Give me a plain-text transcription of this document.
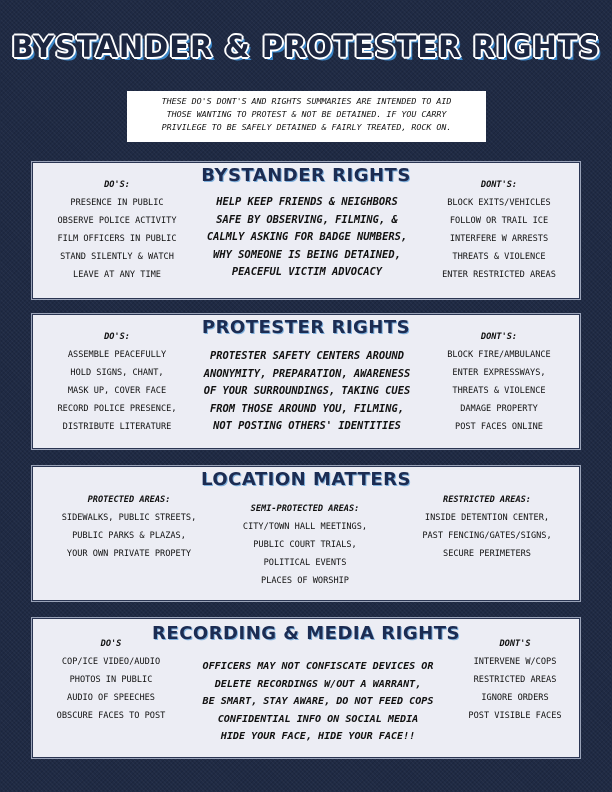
BYSTANDER & PROTESTER RIGHTS
THESE DO'S DONT'S AND RIGHTS SUMMARIES ARE INTENDED TO AID
THOSE WANTING TO PROTEST & NOT BE DETAINED. IF YOU CARRY
PRIVILEGE TO BE SAFELY DETAINED & FAIRLY TREATED, ROCK ON.
BYSTANDER RIGHTS
DO'S:
PRESENCE IN PUBLIC
OBSERVE POLICE ACTIVITY
FILM OFFICERS IN PUBLIC
STAND SILENTLY & WATCH
LEAVE AT ANY TIME
HELP KEEP FRIENDS & NEIGHBORS
SAFE BY OBSERVING, FILMING, &
CALMLY ASKING FOR BADGE NUMBERS,
WHY SOMEONE IS BEING DETAINED,
PEACEFUL VICTIM ADVOCACY
DONT'S:
BLOCK EXITS/VEHICLES
FOLLOW OR TRAIL ICE
INTERFERE W ARRESTS
THREATS & VIOLENCE
ENTER RESTRICTED AREAS
PROTESTER RIGHTS
DO'S:
ASSEMBLE PEACEFULLY
HOLD SIGNS, CHANT,
MASK UP, COVER FACE
RECORD POLICE PRESENCE,
DISTRIBUTE LITERATURE
PROTESTER SAFETY CENTERS AROUND
ANONYMITY, PREPARATION, AWARENESS
OF YOUR SURROUNDINGS, TAKING CUES
FROM THOSE AROUND YOU, FILMING,
NOT POSTING OTHERS' IDENTITIES
DONT'S:
BLOCK FIRE/AMBULANCE
ENTER EXPRESSWAYS,
THREATS & VIOLENCE
DAMAGE PROPERTY
POST FACES ONLINE
LOCATION MATTERS
PROTECTED AREAS:
SIDEWALKS, PUBLIC STREETS,
PUBLIC PARKS & PLAZAS,
YOUR OWN PRIVATE PROPETY
SEMI-PROTECTED AREAS:
CITY/TOWN HALL MEETINGS,
PUBLIC COURT TRIALS,
POLITICAL EVENTS
PLACES OF WORSHIP
RESTRICTED AREAS:
INSIDE DETENTION CENTER,
PAST FENCING/GATES/SIGNS,
SECURE PERIMETERS
RECORDING & MEDIA RIGHTS
DO'S
COP/ICE VIDEO/AUDIO
PHOTOS IN PUBLIC
AUDIO OF SPEECHES
OBSCURE FACES TO POST
OFFICERS MAY NOT CONFISCATE DEVICES OR
DELETE RECORDINGS W/OUT A WARRANT,
BE SMART, STAY AWARE, DO NOT FEED COPS
CONFIDENTIAL INFO ON SOCIAL MEDIA
HIDE YOUR FACE, HIDE YOUR FACE!!
DONT'S
INTERVENE W/COPS
RESTRICTED AREAS
IGNORE ORDERS
POST VISIBLE FACES
